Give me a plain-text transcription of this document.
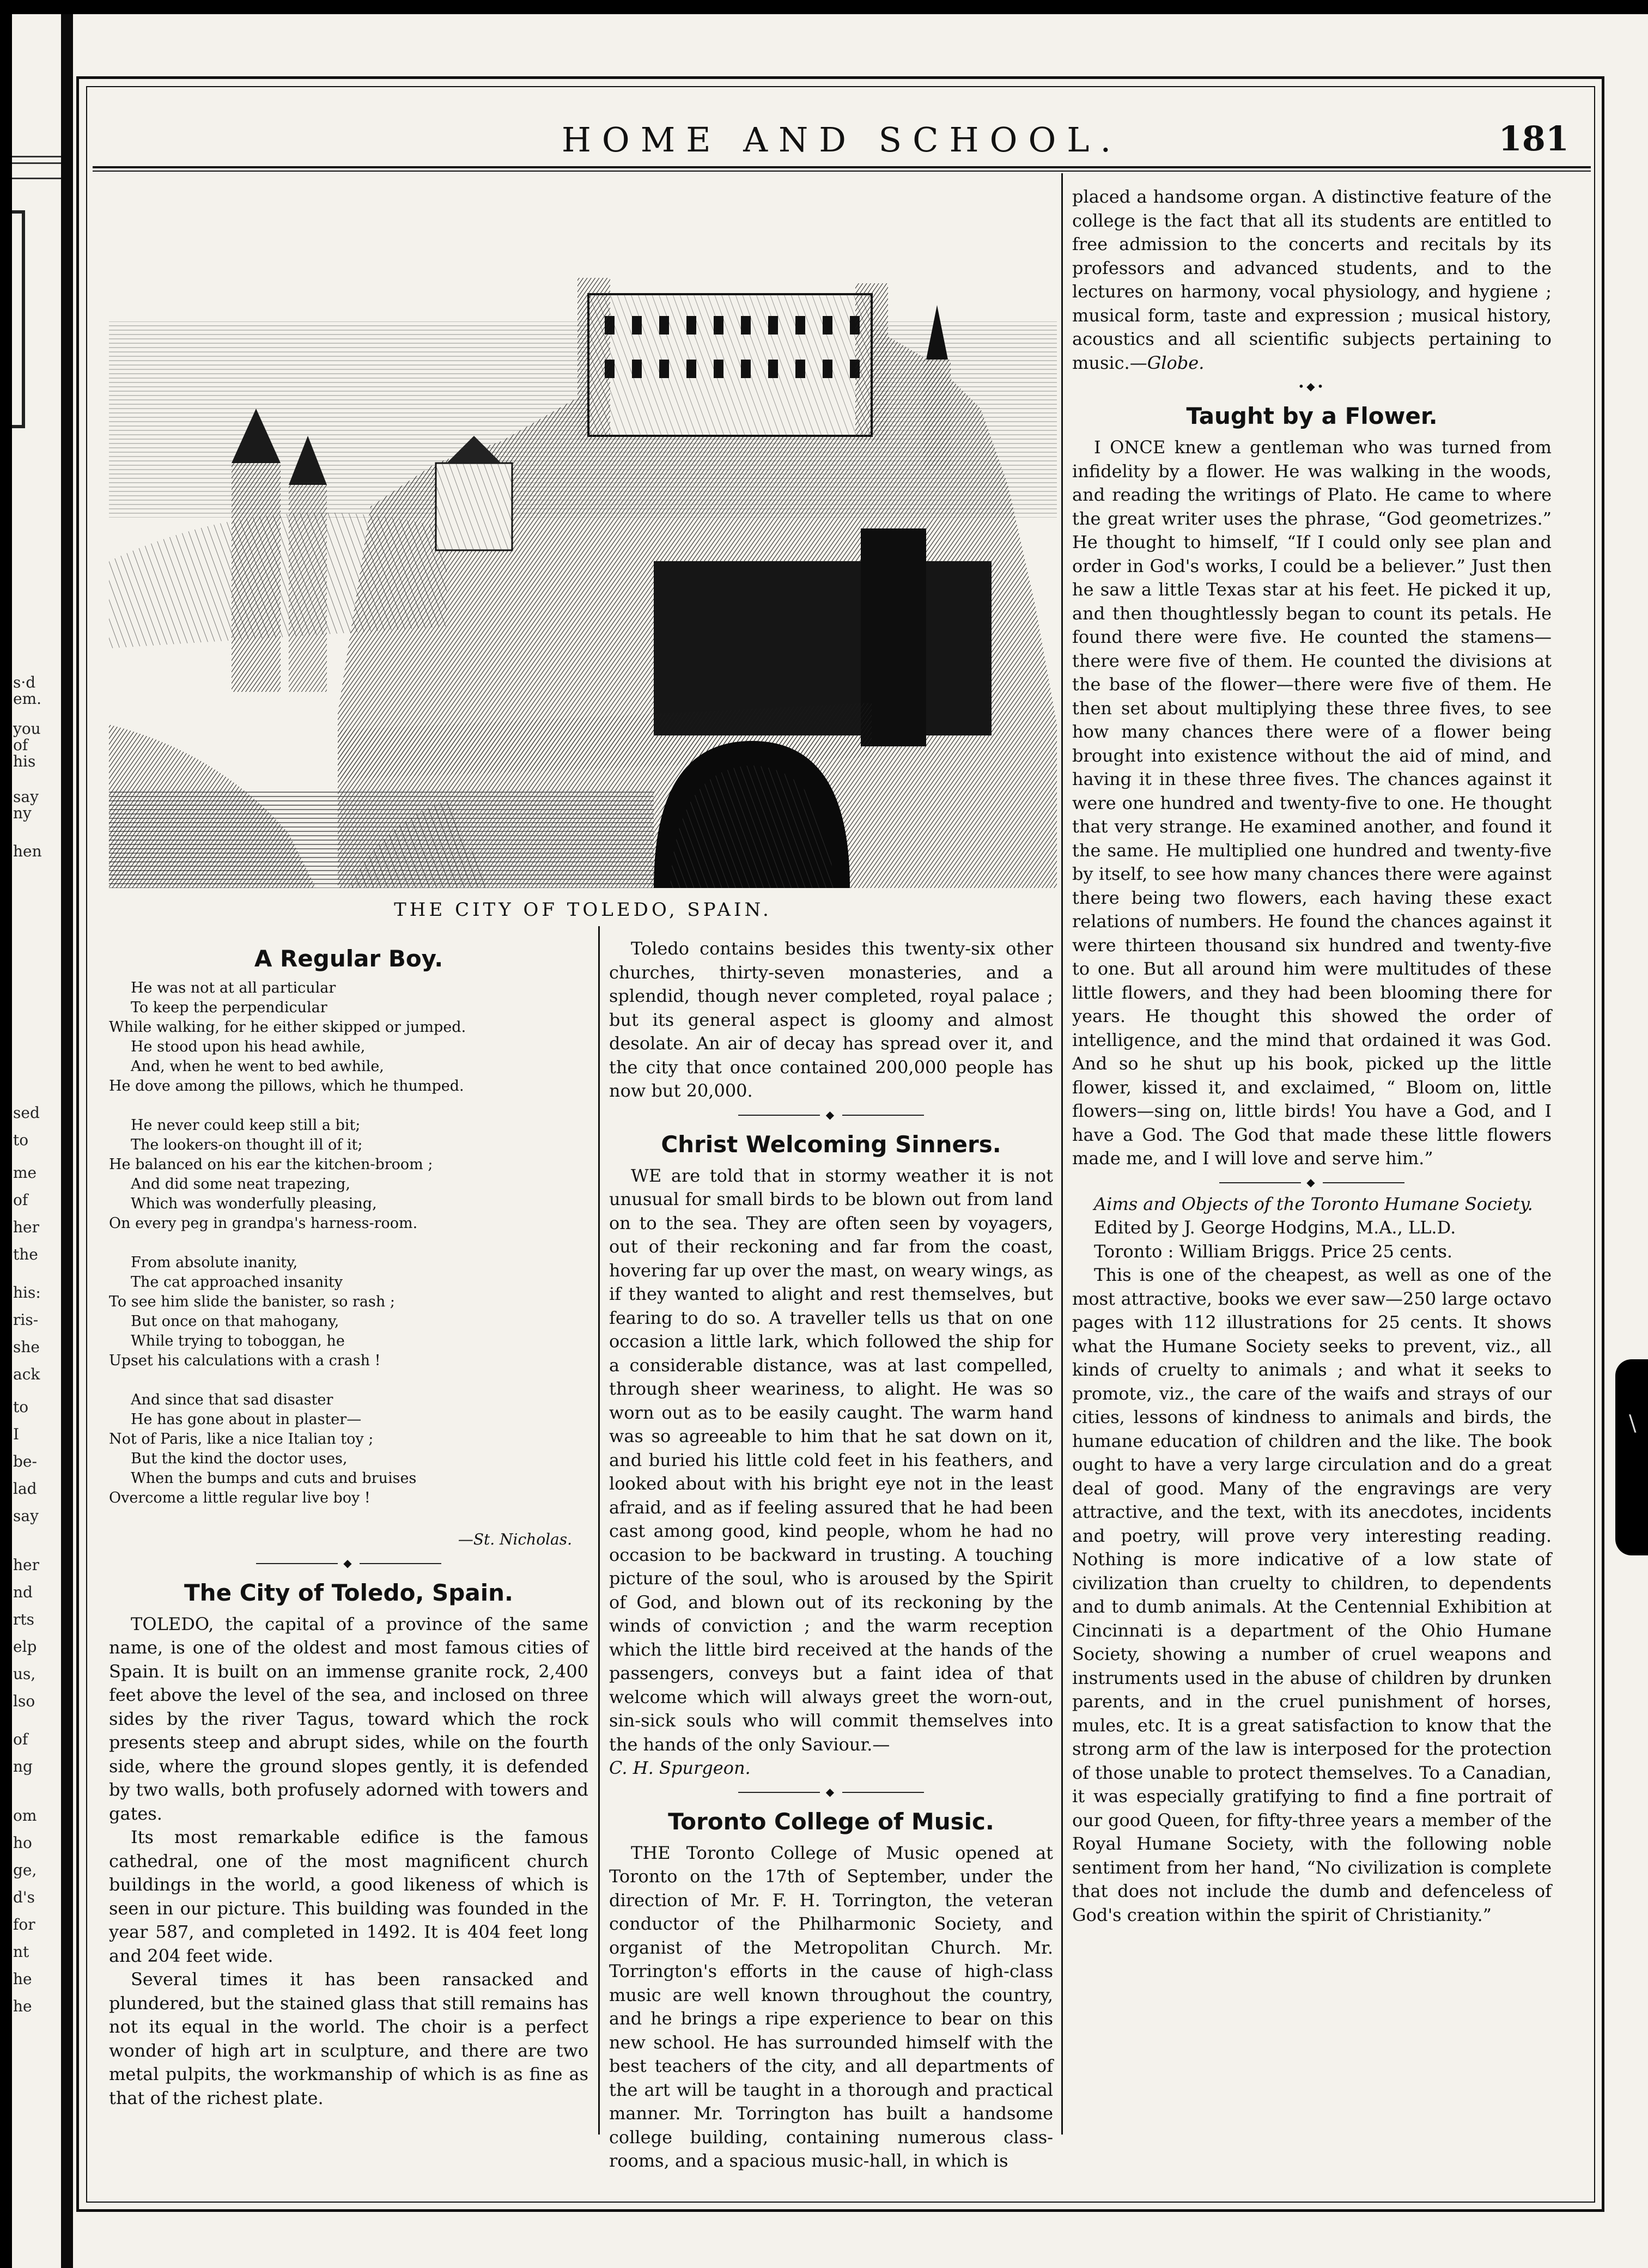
s·d
em.
you
of
his
say
ny
hen
sed
to
me
of
her
the
his:
ris-
she
ack
to
I
be-
lad
say
her
nd
rts
elp
us,
lso
of
ng
om
ho
ge,
d's
for
nt
he
he
HOME AND SCHOOL.	181
THE CITY OF TOLEDO, SPAIN.
A Regular Boy.
He was not at all particular
To keep the perpendicular
While walking, for he either skipped or jumped.
He stood upon his head awhile,
And, when he went to bed awhile,
He dove among the pillows, which he thumped.
He never could keep still a bit;
The lookers-on thought ill of it;
He balanced on his ear the kitchen-broom ;
And did some neat trapezing,
Which was wonderfully pleasing,
On every peg in grandpa's harness-room.
From absolute inanity,
The cat approached insanity
To see him slide the banister, so rash ;
But once on that mahogany,
While trying to toboggan, he
Upset his calculations with a crash !
And since that sad disaster
He has gone about in plaster—
Not of Paris, like a nice Italian toy ;
But the kind the doctor uses,
When the bumps and cuts and bruises
Overcome a little regular live boy !
—St. Nicholas.
◆
The City of Toledo, Spain.

TOLEDO, the capital of a province of the same name, is one of the oldest and most famous cities of Spain. It is built on an immense granite rock, 2,400 feet above the level of the sea, and inclosed on three sides by the river Tagus, toward which the rock presents steep and abrupt sides, while on the fourth side, where the ground slopes gently, it is defended by two walls, both profusely adorned with towers and gates.

Its most remarkable edifice is the famous cathedral, one of the most magnificent church buildings in the world, a good likeness of which is seen in our picture. This building was founded in the year 587, and completed in 1492. It is 404 feet long and 204 feet wide.

Several times it has been ransacked and plundered, but the stained glass that still remains has not its equal in the world. The choir is a perfect wonder of high art in sculpture, and there are two metal pulpits, the workmanship of which is as fine as that of the richest plate.

Toledo contains besides this twenty-six other churches, thirty-seven monasteries, and a splendid, though never completed, royal palace ; but its general aspect is gloomy and almost desolate. An air of decay has spread over it, and the city that once contained 200,000 people has now but 20,000.

◆
Christ Welcoming Sinners.

WE are told that in stormy weather it is not unusual for small birds to be blown out from land on to the sea. They are often seen by voyagers, out of their reckoning and far from the coast, hovering far up over the mast, on weary wings, as if they wanted to alight and rest themselves, but fearing to do so. A traveller tells us that on one occasion a little lark, which followed the ship for a considerable distance, was at last compelled, through sheer weariness, to alight. He was so worn out as to be easily caught. The warm hand was so agreeable to him that he sat down on it, and buried his little cold feet in his feathers, and looked about with his bright eye not in the least afraid, and as if feeling assured that he had been cast among good, kind people, whom he had no occasion to be backward in trusting. A touching picture of the soul, who is aroused by the Spirit of God, and blown out of its reckoning by the winds of conviction ; and the warm reception which the little bird received at the hands of the passengers, conveys but a faint idea of that welcome which will always greet the worn-out, sin-sick souls who will commit themselves into the hands of the only Saviour.—
C. H. Spurgeon.

◆
Toronto College of Music.

THE Toronto College of Music opened at Toronto on the 17th of September, under the direction of Mr. F. H. Torrington, the veteran conductor of the Philharmonic Society, and organist of the Metropolitan Church. Mr. Torrington's efforts in the cause of high-class music are well known throughout the country, and he brings a ripe experience to bear on this new school. He has surrounded himself with the best teachers of the city, and all departments of the art will be taught in a thorough and practical manner. Mr. Torrington has built a handsome college building, containing numerous class-rooms, and a spacious music-hall, in which is

placed a handsome organ. A distinctive feature of the college is the fact that all its students are entitled to free admission to the concerts and recitals by its professors and advanced students, and to the lectures on harmony, vocal physiology, and hygiene ; musical form, taste and expression ; musical history, acoustics and all scientific subjects pertaining to music.—Globe.

•◆•
Taught by a Flower.

I ONCE knew a gentleman who was turned from infidelity by a flower. He was walking in the woods, and reading the writings of Plato. He came to where the great writer uses the phrase, “God geometrizes.” He thought to himself, “If I could only see plan and order in God's works, I could be a believer.” Just then he saw a little Texas star at his feet. He picked it up, and then thoughtlessly began to count its petals. He found there were five. He counted the stamens—there were five of them. He counted the divisions at the base of the flower—there were five of them. He then set about multiplying these three fives, to see how many chances there were of a flower being brought into existence without the aid of mind, and having it in these three fives. The chances against it were one hundred and twenty-five to one. He thought that very strange. He examined another, and found it the same. He multiplied one hundred and twenty-five by itself, to see how many chances there were against there being two flowers, each having these exact relations of numbers. He found the chances against it were thirteen thousand six hundred and twenty-five to one. But all around him were multitudes of these little flowers, and they had been blooming there for years. He thought this showed the order of intelligence, and the mind that ordained it was God. And so he shut up his book, picked up the little flower, kissed it, and exclaimed, “ Bloom on, little flowers—sing on, little birds! You have a God, and I have a God. The God that made these little flowers made me, and I will love and serve him.”

◆

Aims and Objects of the Toronto Humane Society.

Edited by J. George Hodgins, M.A., LL.D.

Toronto : William Briggs. Price 25 cents.

This is one of the cheapest, as well as one of the most attractive, books we ever saw—250 large octavo pages with 112 illustrations for 25 cents. It shows what the Humane Society seeks to prevent, viz., all kinds of cruelty to animals ; and what it seeks to promote, viz., the care of the waifs and strays of our cities, lessons of kindness to animals and birds, the humane education of children and the like. The book ought to have a very large circulation and do a great deal of good. Many of the engravings are very attractive, and the text, with its anecdotes, incidents and poetry, will prove very interesting reading. Nothing is more indicative of a low state of civilization than cruelty to children, to dependents and to dumb animals. At the Centennial Exhibition at Cincinnati is a department of the Ohio Humane Society, showing a number of cruel weapons and instruments used in the abuse of children by drunken parents, and in the cruel punishment of horses, mules, etc. It is a great satisfaction to know that the strong arm of the law is interposed for the protection of those unable to protect themselves. To a Canadian, it was especially gratifying to find a fine portrait of our good Queen, for fifty-three years a member of the Royal Humane Society, with the following noble sentiment from her hand, “No civilization is complete that does not include the dumb and defenceless of God's creation within the spirit of Christianity.”

\
